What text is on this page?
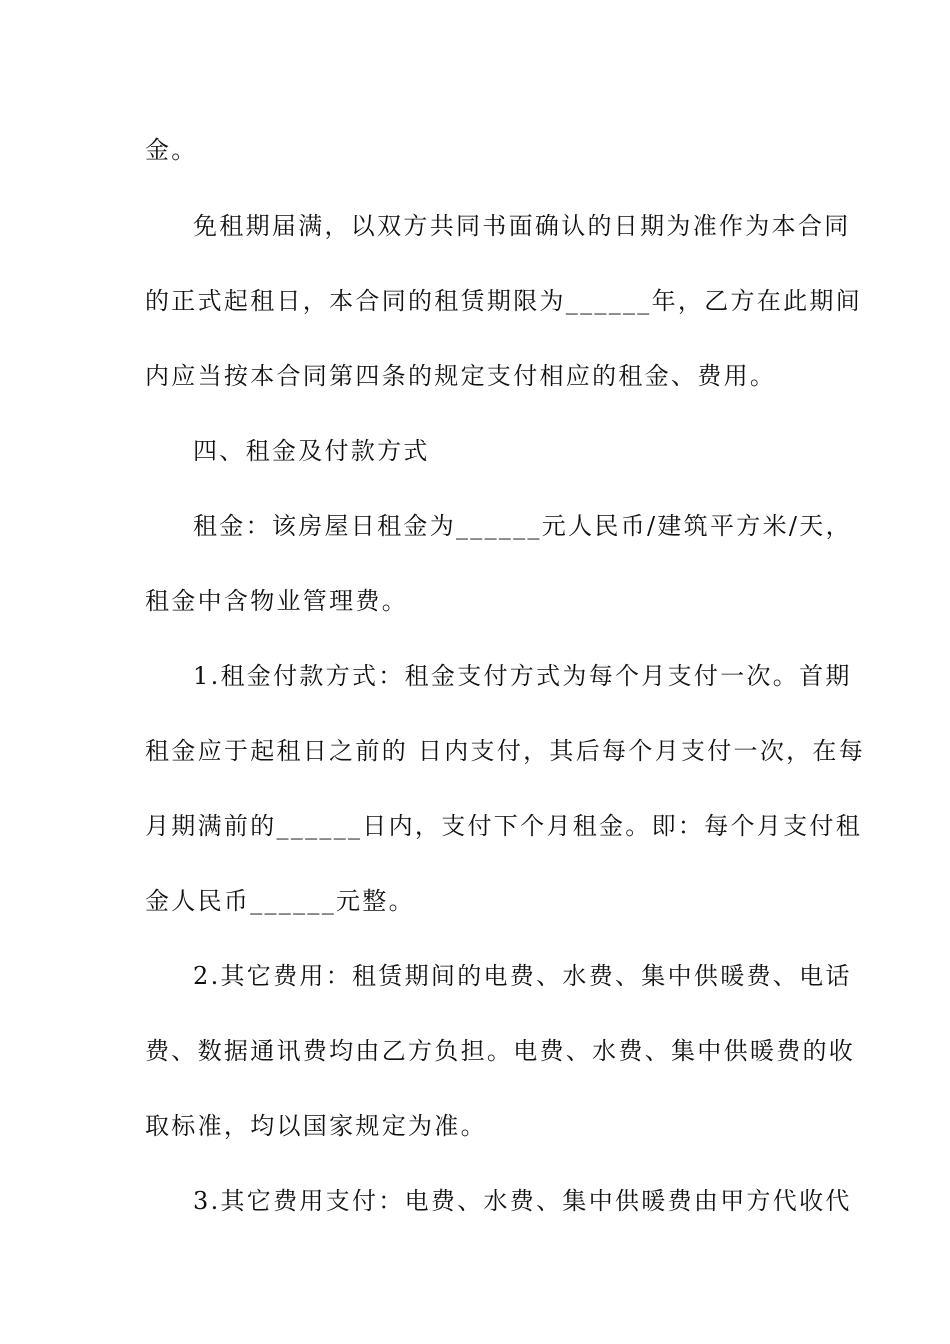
金。
免租期届满，以双方共同书面确认的日期为准作为本合同
的正式起租日，本合同的租赁期限为______年，乙方在此期间
内应当按本合同第四条的规定支付相应的租金、费用。
四、租金及付款方式
租金：该房屋日租金为______元人民币/建筑平方米/天，
租金中含物业管理费。
1.租金付款方式：租金支付方式为每个月支付一次。首期
租金应于起租日之前的 日内支付，其后每个月支付一次，在每
月期满前的______日内，支付下个月租金。即：每个月支付租
金人民币______元整。
2.其它费用：租赁期间的电费、水费、集中供暖费、电话
费、数据通讯费均由乙方负担。电费、水费、集中供暖费的收
取标准，均以国家规定为准。
3.其它费用支付：电费、水费、集中供暖费由甲方代收代
